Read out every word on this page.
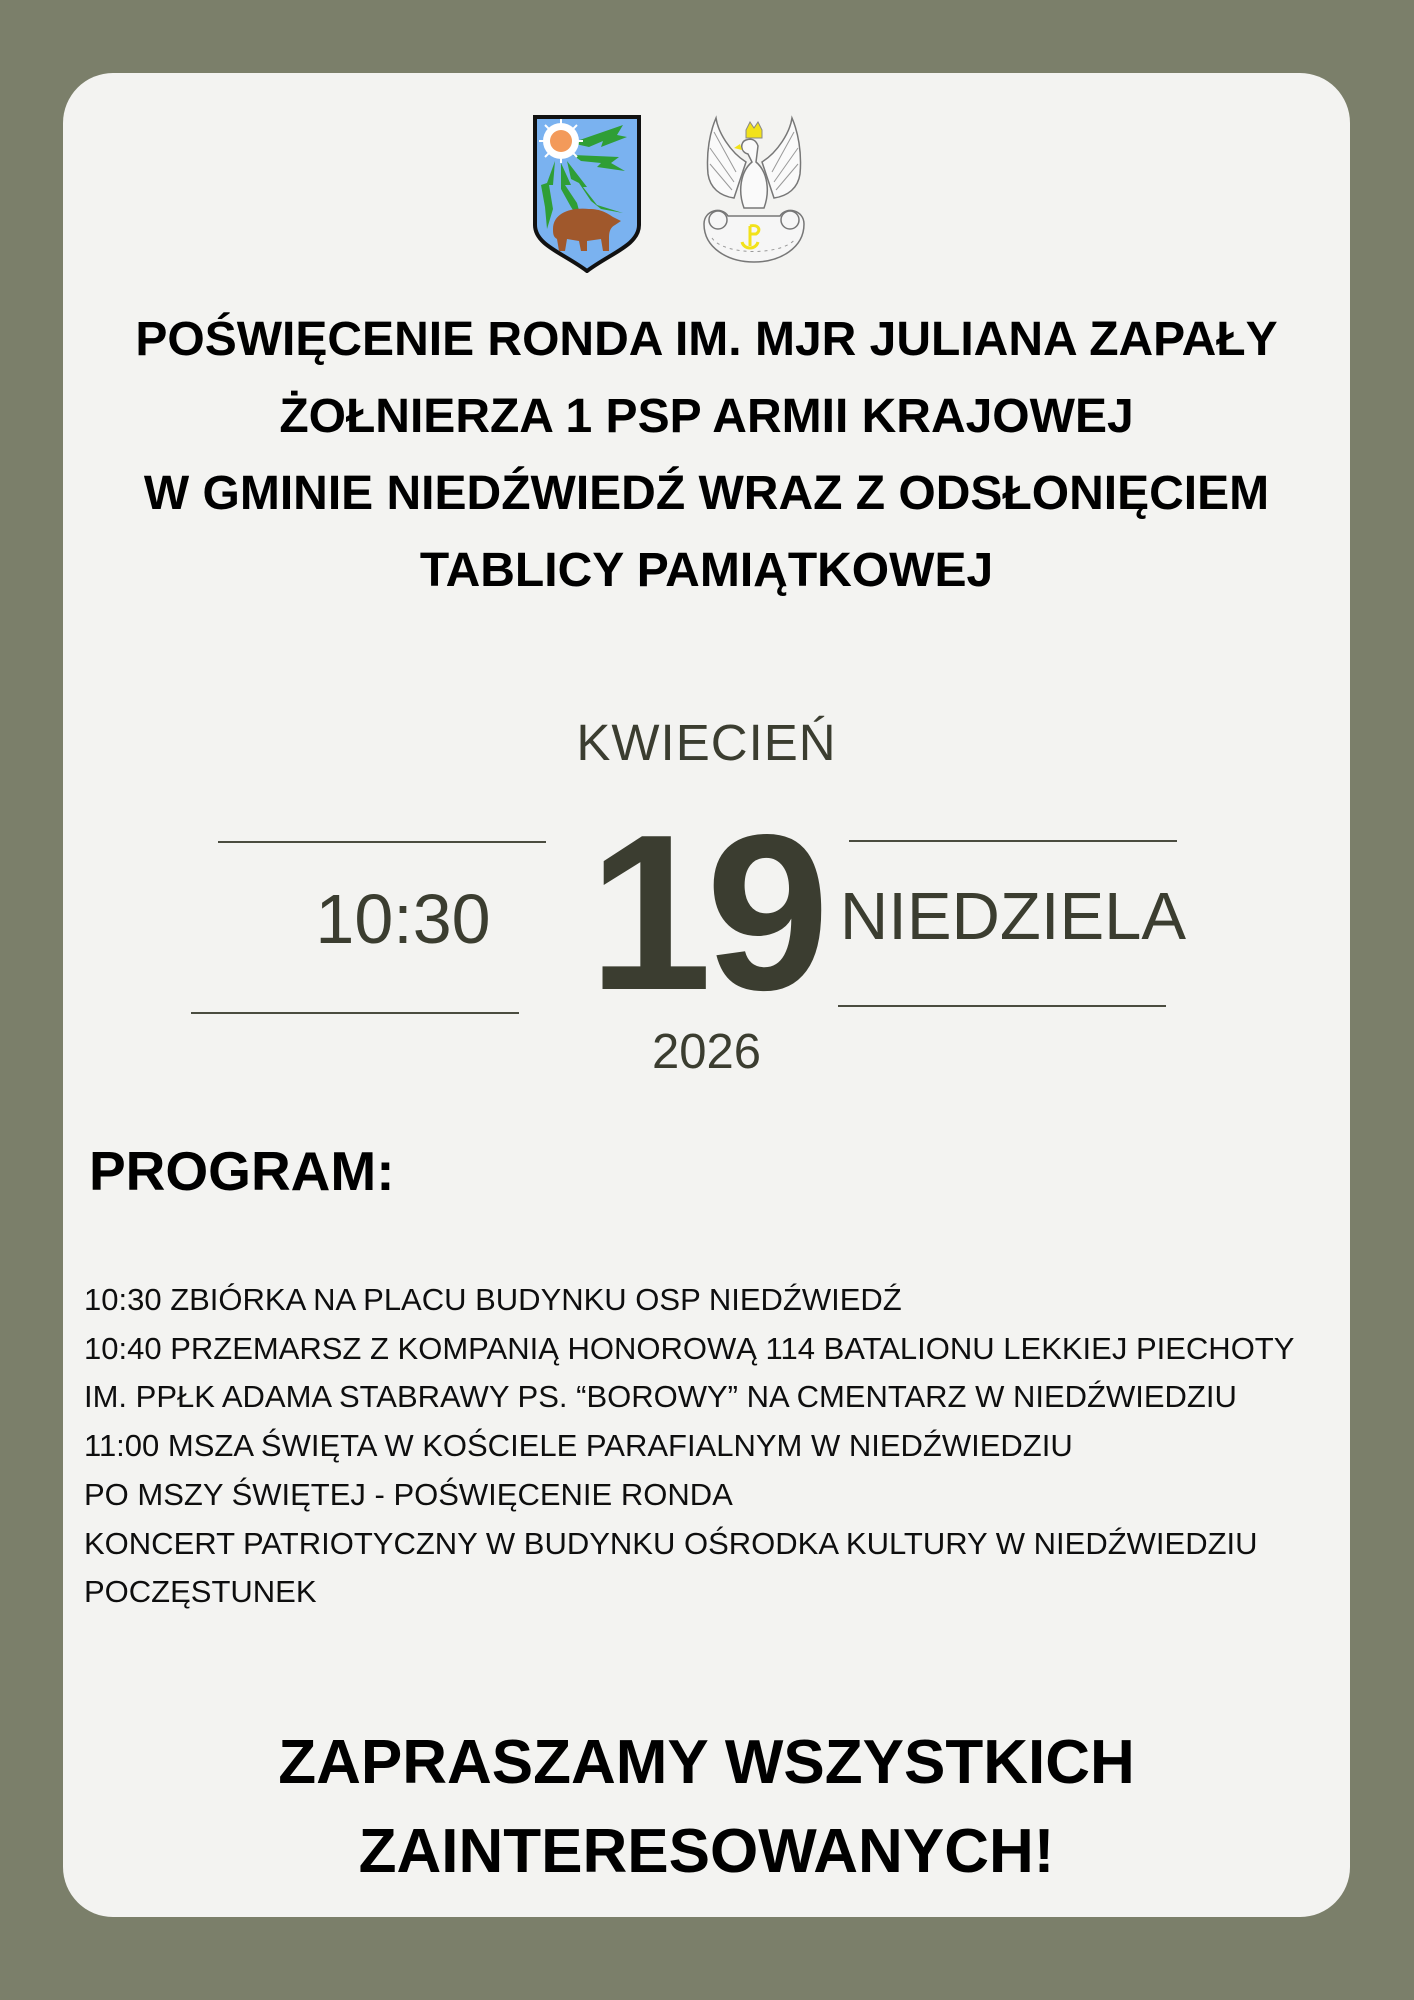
POŚWIĘCENIE RONDA IM. MJR JULIANA ZAPAŁY
ŻOŁNIERZA 1 PSP ARMII KRAJOWEJ
W GMINIE NIEDŹWIEDŹ WRAZ Z ODSŁONIĘCIEM
TABLICY PAMIĄTKOWEJ
KWIECIEŃ
10:30 19 NIEDZIELA
2026
PROGRAM:
10:30 ZBIÓRKA NA PLACU BUDYNKU OSP NIEDŹWIEDŹ
10:40 PRZEMARSZ Z KOMPANIĄ HONOROWĄ 114 BATALIONU LEKKIEJ PIECHOTY
IM. PPŁK ADAMA STABRAWY PS. “BOROWY” NA CMENTARZ W NIEDŹWIEDZIU
11:00 MSZA ŚWIĘTA W KOŚCIELE PARAFIALNYM W NIEDŹWIEDZIU
PO MSZY ŚWIĘTEJ - POŚWIĘCENIE RONDA
KONCERT PATRIOTYCZNY W BUDYNKU OŚRODKA KULTURY W NIEDŹWIEDZIU
POCZĘSTUNEK
ZAPRASZAMY WSZYSTKICH
ZAINTERESOWANYCH!
